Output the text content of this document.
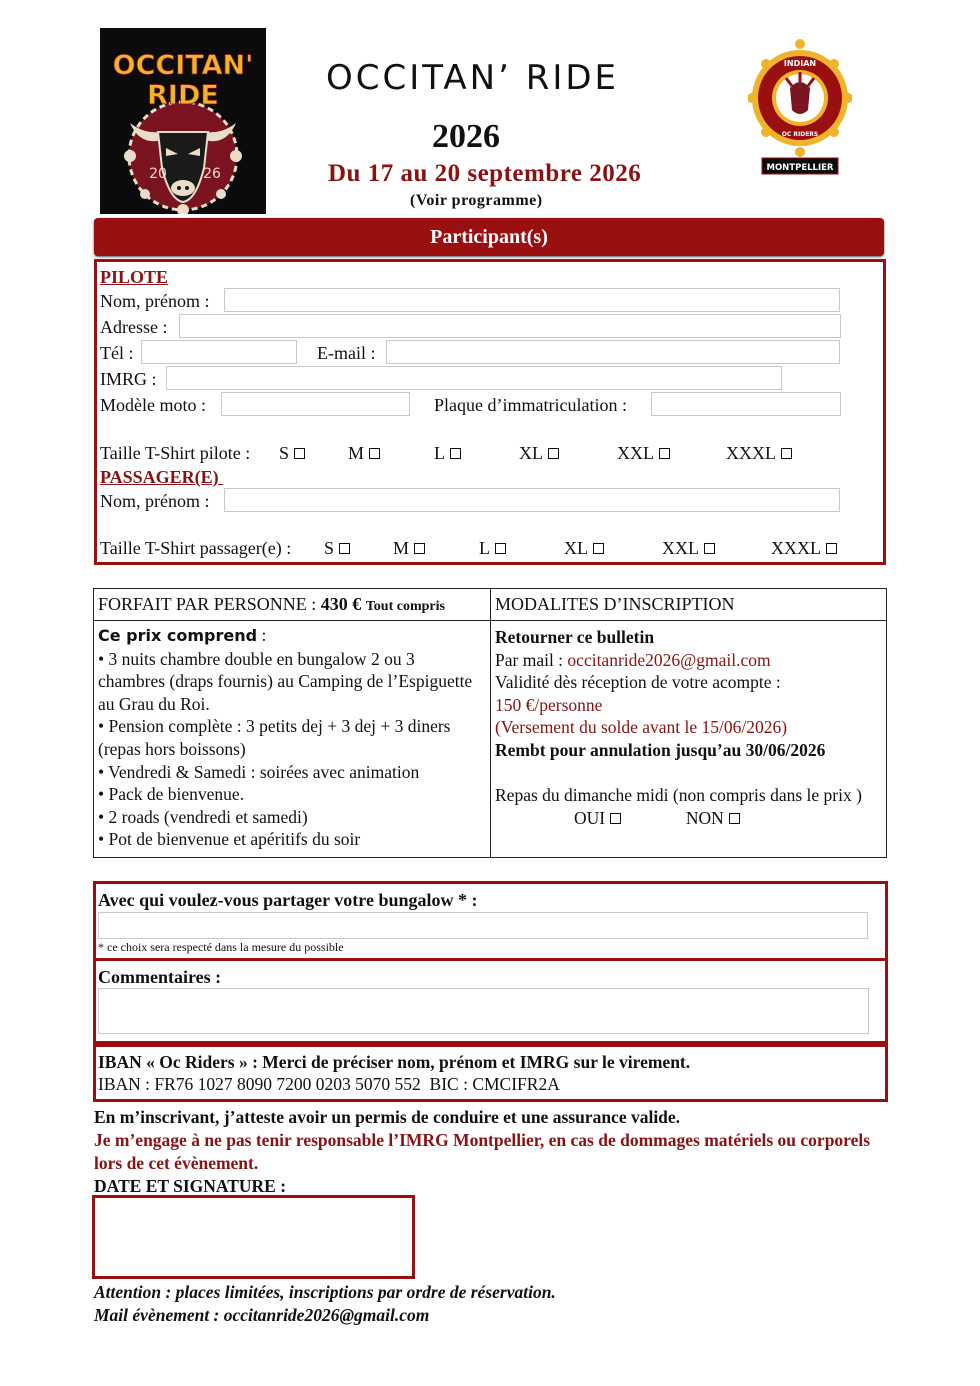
OCCITAN'
RIDE
20	26
INDIAN
OC RIDERS
MONTPELLIER
OCCITAN’ RIDE
2026
Du 17 au 20 septembre 2026
(Voir programme)
Participant(s)
PILOTE
Nom, prénom :
Adresse :
Tél :	E-mail :
IMRG :
Modèle moto :	Plaque d’immatriculation :
Taille T-Shirt pilote : S	M	L	XL	XXL	XXXL
PASSAGER(E)
Nom, prénom :
Taille T-Shirt passager(e) : S	M	L	XL	XXL	XXXL
FORFAIT PAR PERSONNE : 430 € Tout compris	MODALITES D’INSCRIPTION
Ce prix comprend :
• 3 nuits chambre double en bungalow 2 ou 3 chambres (draps fournis) au Camping de l’Espiguette au Grau du Roi.
• Pension complète : 3 petits dej + 3 dej + 3 diners (repas hors boissons)
• Vendredi & Samedi : soirées avec animation
• Pack de bienvenue.
• 2 roads (vendredi et samedi)
• Pot de bienvenue et apéritifs du soir
Retourner ce bulletin
Par mail : occitanride2026@gmail.com
Validité dès réception de votre acompte :
150 €/personne
(Versement du solde avant le 15/06/2026)
Rembt pour annulation jusqu’au 30/06/2026
Repas du dimanche midi (non compris dans le prix )
OUI	NON
Avec qui voulez-vous partager votre bungalow * :
* ce choix sera respecté dans la mesure du possible
Commentaires :
IBAN « Oc Riders » : Merci de préciser nom, prénom et IMRG sur le virement.
IBAN : FR76 1027 8090 7200 0203 5070 552  BIC : CMCIFR2A
En m’inscrivant, j’atteste avoir un permis de conduire et une assurance valide.
Je m’engage à ne pas tenir responsable l’IMRG Montpellier, en cas de dommages matériels ou corporels lors de cet évènement.
DATE ET SIGNATURE :
Attention : places limitées, inscriptions par ordre de réservation.
Mail évènement : occitanride2026@gmail.com
